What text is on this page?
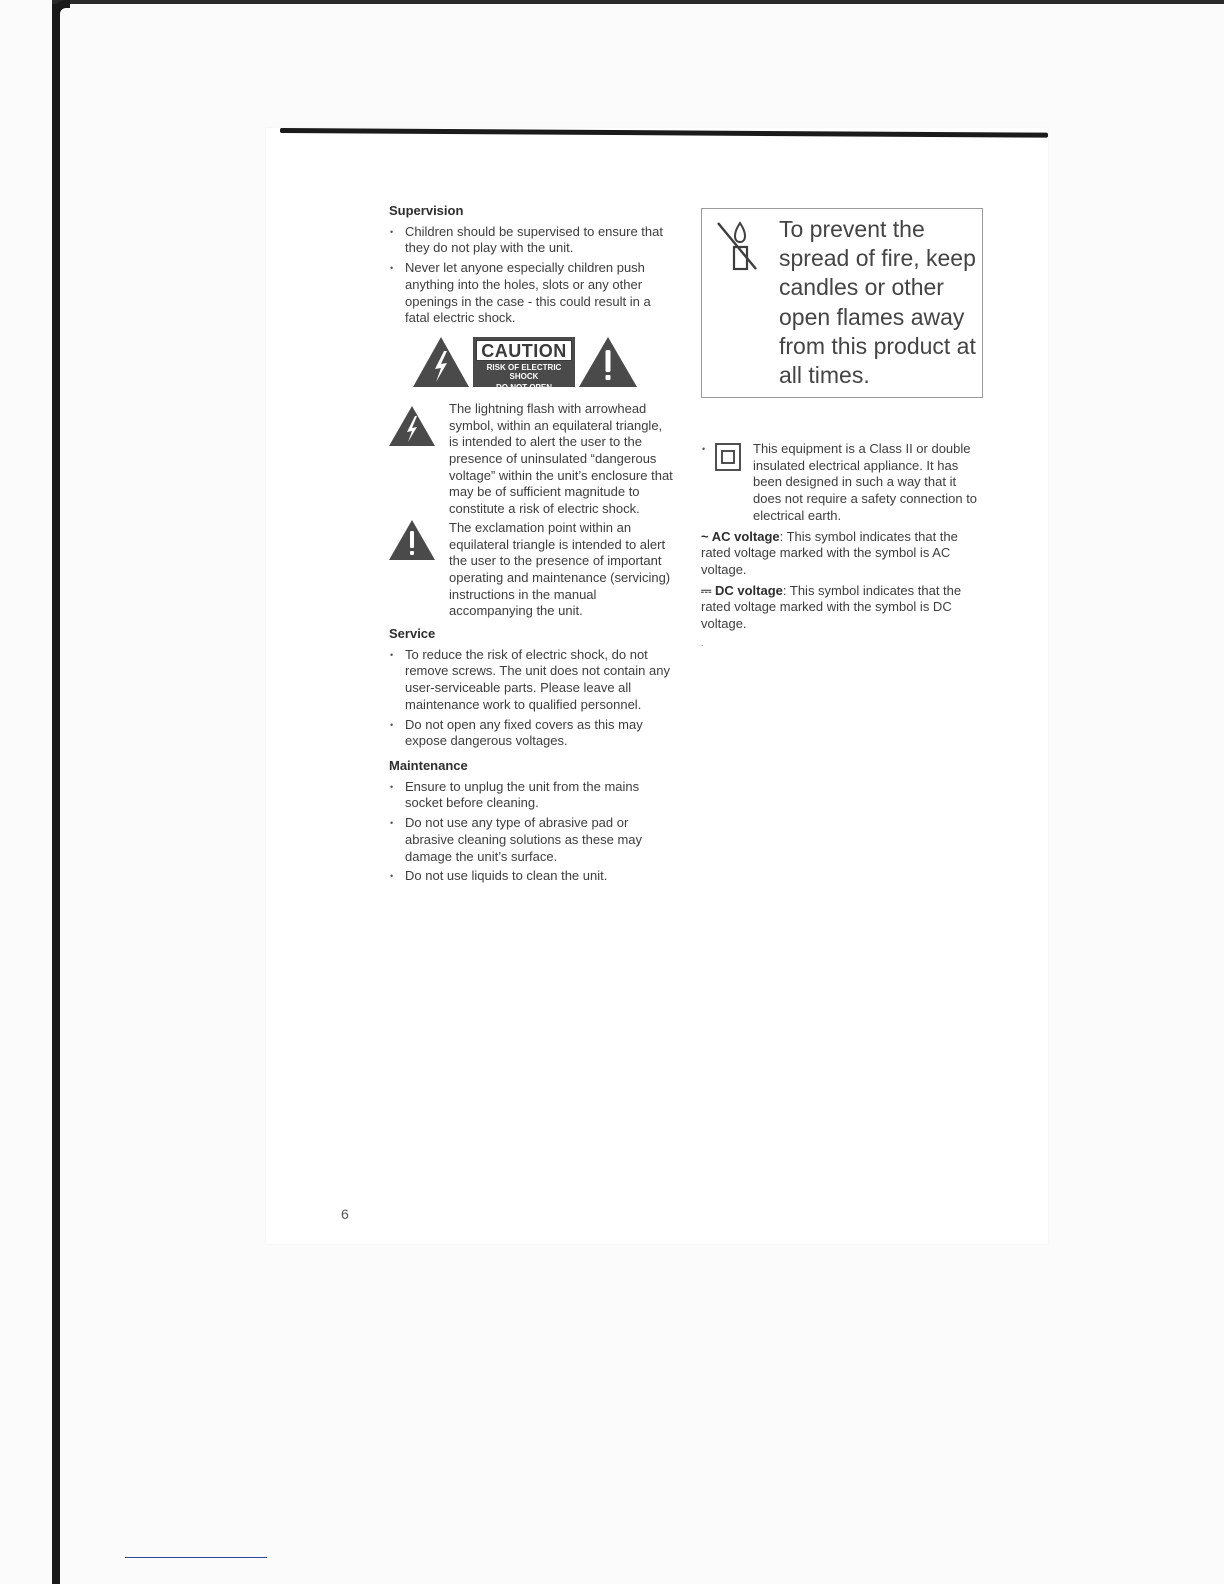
Supervision
• Children should be supervised to ensure that they do not play with the unit.
• Never let anyone especially children push anything into the holes, slots or any other openings in the case - this could result in a fatal electric shock.
CAUTION
RISK OF ELECTRIC SHOCK
DO NOT OPEN
The lightning flash with arrowhead symbol, within an equilateral triangle, is intended to alert the user to the presence of uninsulated “dangerous voltage” within the unit’s enclosure that may be of sufficient magnitude to constitute a risk of electric shock.
The exclamation point within an equilateral triangle is intended to alert the user to the presence of important operating and maintenance (servicing) instructions in the manual accompanying the unit.
Service
• To reduce the risk of electric shock, do not remove screws. The unit does not contain any user-serviceable parts. Please leave all maintenance work to qualified personnel.
• Do not open any fixed covers as this may expose dangerous voltages.
Maintenance
• Ensure to unplug the unit from the mains socket before cleaning.
• Do not use any type of abrasive pad or abrasive cleaning solutions as these may damage the unit’s surface.
• Do not use liquids to clean the unit.
To prevent the spread of fire, keep candles or other open flames away from this product at all times.
•	This equipment is a Class II or double insulated electrical appliance. It has been designed in such a way that it does not require a safety connection to electrical earth.

~ AC voltage: This symbol indicates that the rated voltage marked with the symbol is AC voltage.

⎓ DC voltage: This symbol indicates that the rated voltage marked with the symbol is DC voltage.

.
6
